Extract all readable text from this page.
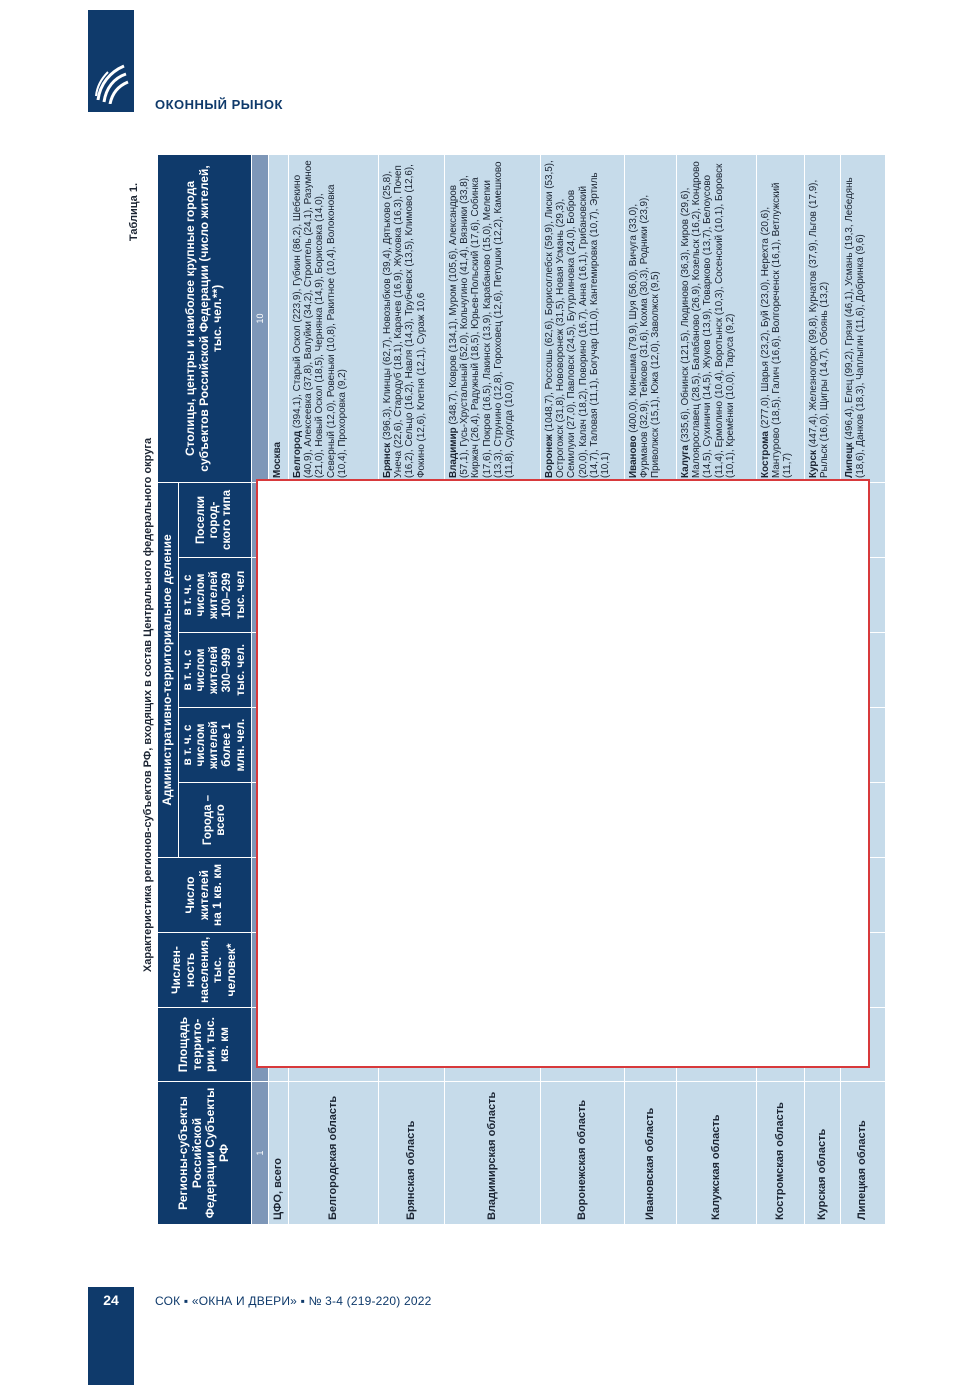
ОКОННЫЙ РЫНОК
24	СОК ▪ «ОКНА И ДВЕРИ» ▪ № 3-4 (219-220) 2022
Таблица 1.
Характеристика регионов-субъектов РФ, входящих в состав Центрального федерального округа
Регионы-субъекты Российской Федерации Субъекты РФ	Площадь террито-рии, тыс. кв. км	Числен-ность населения, тыс. человек*	Число жителей на 1 кв. км	Административно-территориальное деление					Столицы, центры и наиболее крупные города субъектов Российской Федерации (число жителей, тыс. чел.**)
				Города – всего	в т. ч. с числом жителей более 1 млн. чел.	в т. ч. с числом жителей 300–999 тыс. чел.	в т. ч. с числом жителей 100–299 тыс. чел	Поселки город-ского типа	
1									10
ЦФО, всего									Москва
Белгородская область									Белгород (394,1), Старый Оскол (223,9), Губкин (86,2), Шебекино (40,9), Алексеевка (37,8), Валуйки (34,2), Строитель (24,1), Разумное (21,0), Новый Оскол (18,5), Чернянка (14,9), Борисовка (14,0), Северный (12,0), Ровеньки (10,8), Ракитное (10,4), Волоконовка (10,4), Прохоровка (9,2)
Брянская область									Брянск (396,3), Клинцы (62,7), Новозыбков (39,4), Дятьково (25,8), Унеча (22,6), Стародуб (18,1), Карачев (16,9), Жуковка (16,3), Почеп (16,2), Сельцо (16,2), Навля (14,3), Трубчевск (13,5), Климово (12,6), Фокино (12,6), Клетня (12,1), Сураж 10,6
Владимирская область									Владимир (348,7), Ковров (134,1), Муром (105,6), Александров (57,1), Гусь-Хрустальный (52,0), Кольчугино (41,4), Вязники (33,8), Киржач (26,4), Радужный (18,5), Юрьев-Польский (17,6), Собинка (17,6), Покров (16,5), Лакинск (13,9), Карабаново (15,0), Мелenки (13,3), Струнино (12,8), Гороховец (12,6), Петушки (12,2), Камешково (11,8), Судогда (10,0)
Воронежская область									Воронеж (1048,7), Россошь (62,6), Борисоглебск (59,9), Лиски (53,5), Острогожск (31,8), Нововоронеж (31,5), Новая Усмань (29,3), Семилуки (27,0), Павловск (24,5), Бутурлиновка (24,0), Бобров (20,0), Калач (18,2), Поворино (16,7), Анна (16,1), Грибановский (14,7), Таловая (11,1), Богучар (11,0), Кантемировка (10,7), Эртиль (10,1)
Ивановская область									Иваново (400,0), Кинешма (79,9), Шуя (56,0), Вичуга (33,0), Фурманов (32,9), Тейково (31,6), Кохма (30,3), Родники (23,9), Приволжск (15,1), Южа (12,0), Заволжск (9,5)
Калужская область									Калуга (335,6), Обнинск (121,5), Людиново (36,3), Киров (29,6), Малоярославец (28,5), Балабаново (26,9), Козельск (16,2), Кондрово (14,5), Сухиничи (14,5), Жуков (13,9), Товарково (13,7), Белоусово (11,4), Ермолино (10,4), Воротынск (10,3), Сосенский (10,1), Боровск (10,1), Кремёнки (10,0), Таруса (9,2)
Костромская область									Кострома (277,0), Шарья (23,2), Буй (23,0), Нерехта (20,6), Мантурово (18,5), Галич (16,6), Волгореченск (16,1), Ветлужский (11,7)
Курская область									Курск (447,4), Железногорск (99,8), Курчатов (37,9), Льгов (17,9), Рыльск (16,0), Щигры (14,7), Обоянь (13,2)
Липецкая область									Липецк (496,4), Елец (99,2), Грязи (46,1), Усмань (19,3, Лебедянь (18,6), Данков (18,3), Чаплыгин (11,6), Добринка (9,6)
